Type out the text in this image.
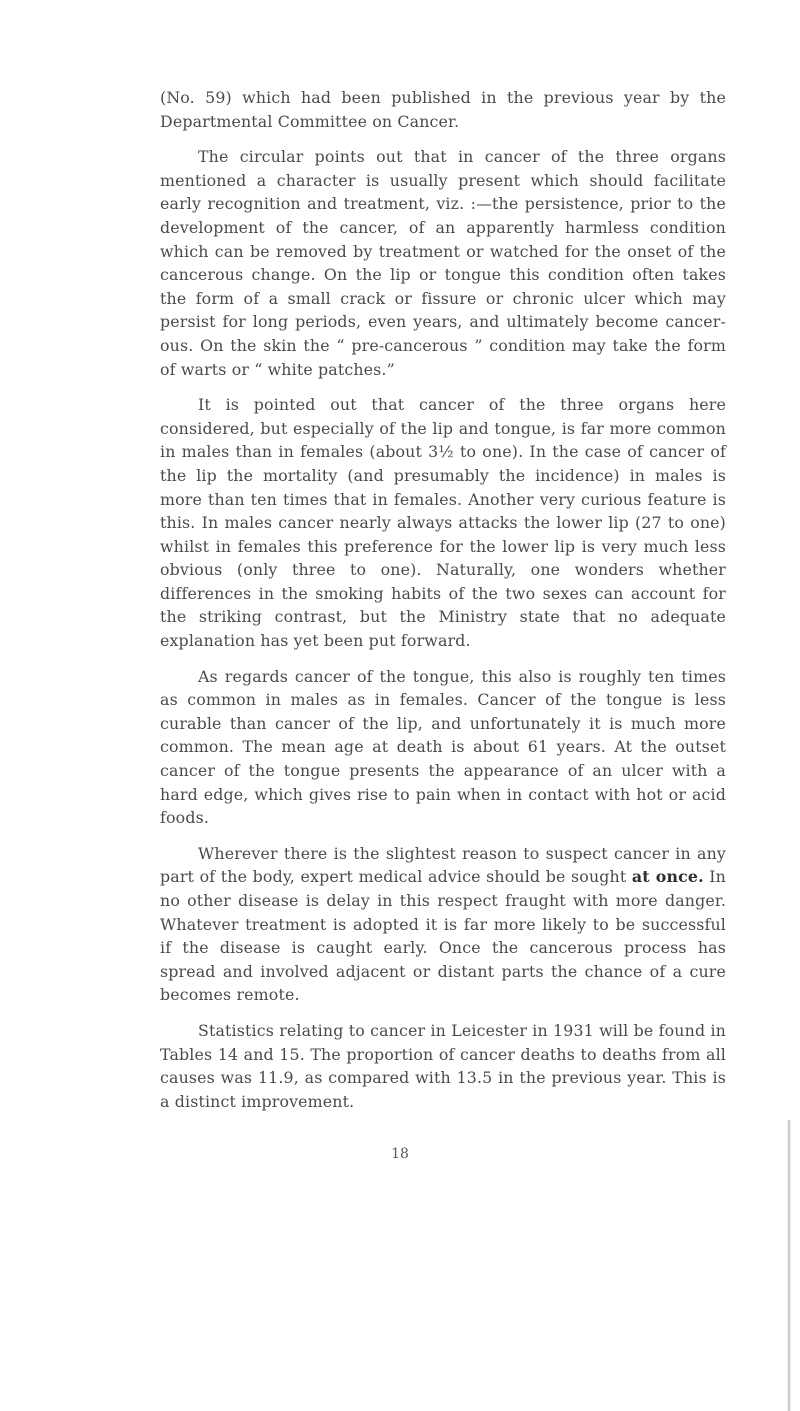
(No. 59) which had been published in the previous year by the Departmental Committee on Cancer.

The circular points out that in cancer of the three organs mentioned a character is usually present which should facilitate early recognition and treatment, viz. :—the persistence, prior to the development of the cancer, of an apparently harmless condition which can be removed by treatment or watched for the onset of the cancerous change. On the lip or tongue this condition often takes the form of a small crack or fissure or chronic ulcer which may persist for long periods, even years, and ultimately become cancer-ous. On the skin the “ pre-cancerous ” condition may take the form of warts or “ white patches.”

It is pointed out that cancer of the three organs here considered, but especially of the lip and tongue, is far more common in males than in females (about 3½ to one). In the case of cancer of the lip the mortality (and presumably the incidence) in males is more than ten times that in females. Another very curious feature is this. In males cancer nearly always attacks the lower lip (27 to one) whilst in females this preference for the lower lip is very much less obvious (only three to one). Naturally, one wonders whether differences in the smoking habits of the two sexes can account for the striking contrast, but the Ministry state that no adequate explanation has yet been put forward.

As regards cancer of the tongue, this also is roughly ten times as common in males as in females. Cancer of the tongue is less curable than cancer of the lip, and unfortunately it is much more common. The mean age at death is about 61 years. At the outset cancer of the tongue presents the appearance of an ulcer with a hard edge, which gives rise to pain when in contact with hot or acid foods.

Wherever there is the slightest reason to suspect cancer in any part of the body, expert medical advice should be sought at once. In no other disease is delay in this respect fraught with more danger. Whatever treatment is adopted it is far more likely to be successful if the disease is caught early. Once the cancerous process has spread and involved adjacent or distant parts the chance of a cure becomes remote.

Statistics relating to cancer in Leicester in 1931 will be found in Tables 14 and 15. The proportion of cancer deaths to deaths from all causes was 11.9, as compared with 13.5 in the previous year. This is a distinct improvement.

18
